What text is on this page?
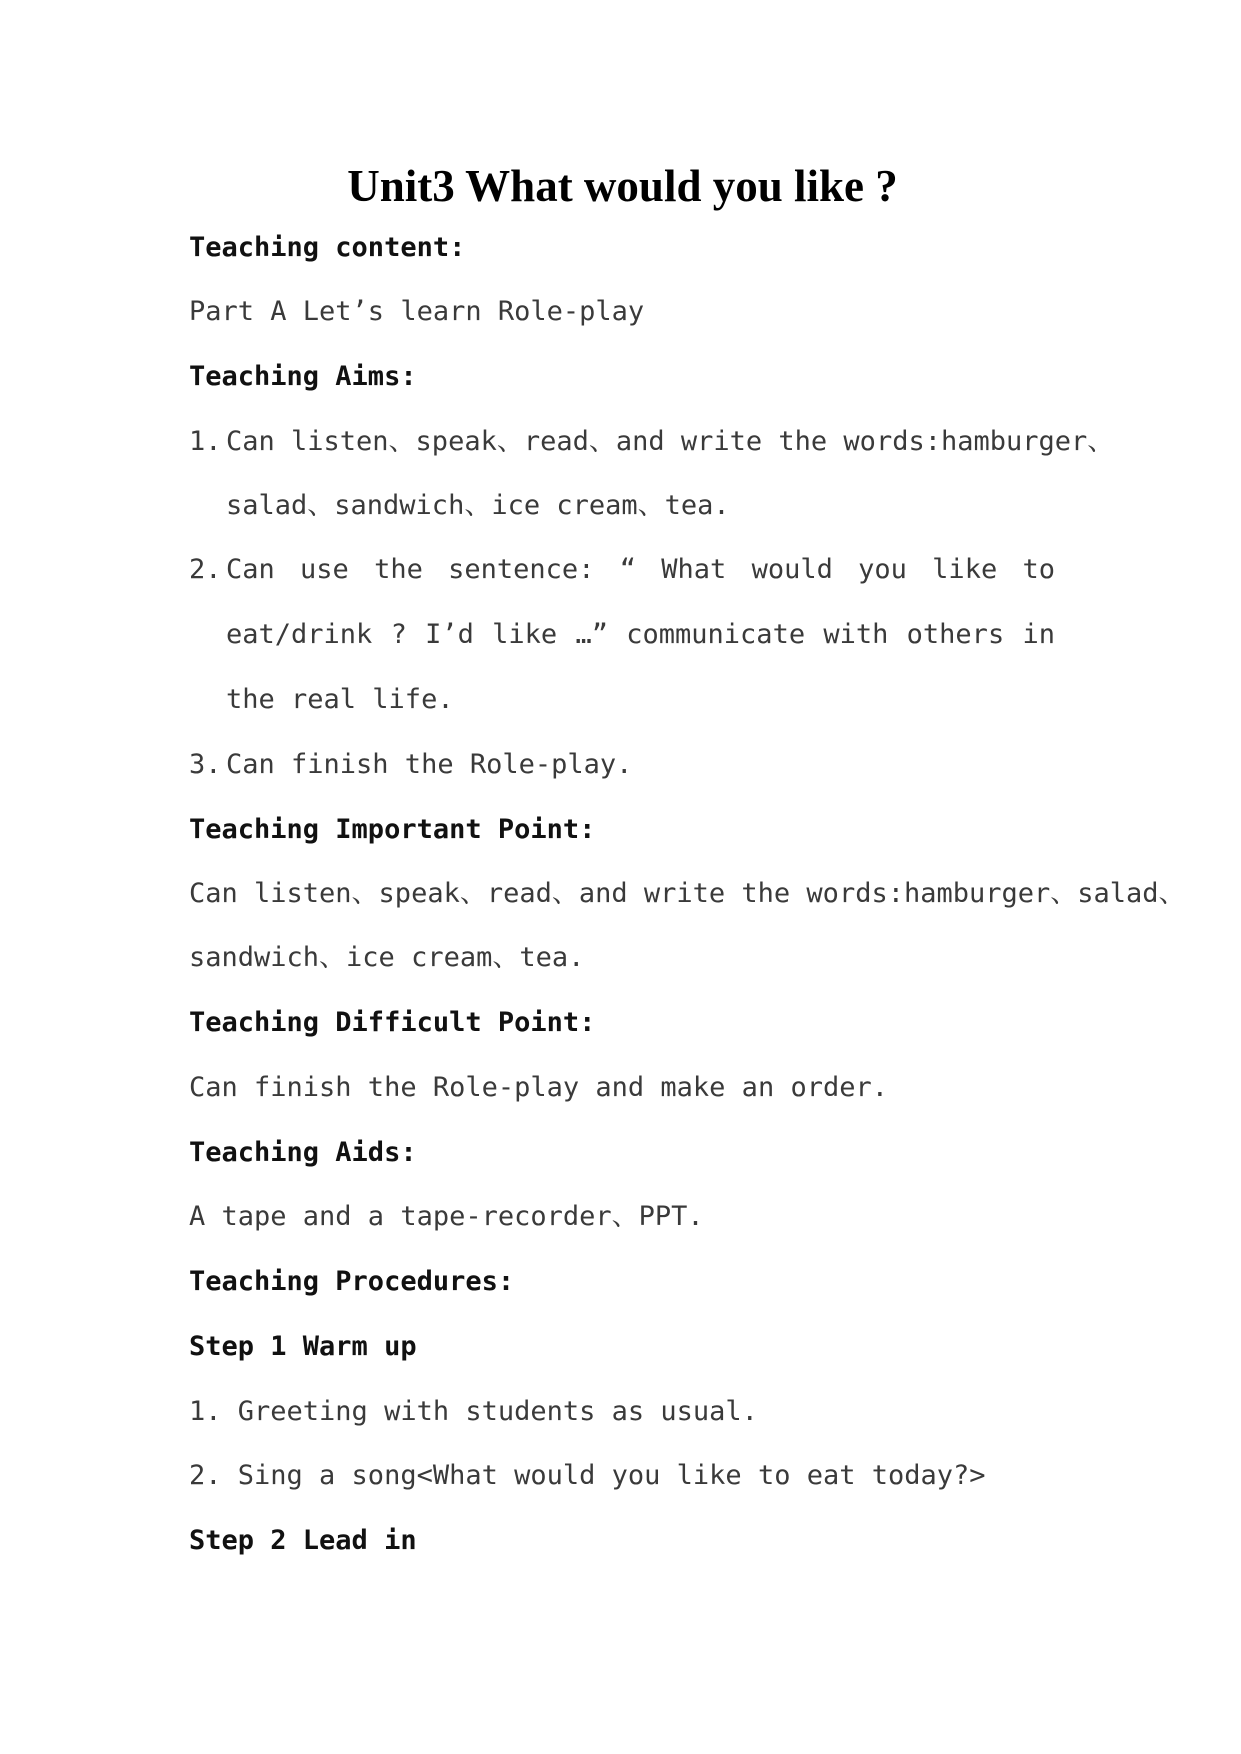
Unit3 What would you like ?
Teaching content:
Part A Let’s learn Role-play
Teaching Aims:
1. Can listen、speak、read、and write the words:hamburger、
salad、sandwich、ice cream、tea.
2. Can use the sentence: “ What would you like to
eat/drink ? I’d like …” communicate with others in
the real life.
3. Can finish the Role-play.
Teaching Important Point:
Can listen、speak、read、and write the words:hamburger、salad、
sandwich、ice cream、tea.
Teaching Difficult Point:
Can finish the Role-play and make an order.
Teaching Aids:
A tape and a tape-recorder、PPT.
Teaching Procedures:
Step 1 Warm up
1. Greeting with students as usual.
2. Sing a song<What would you like to eat today?>
Step 2 Lead in
